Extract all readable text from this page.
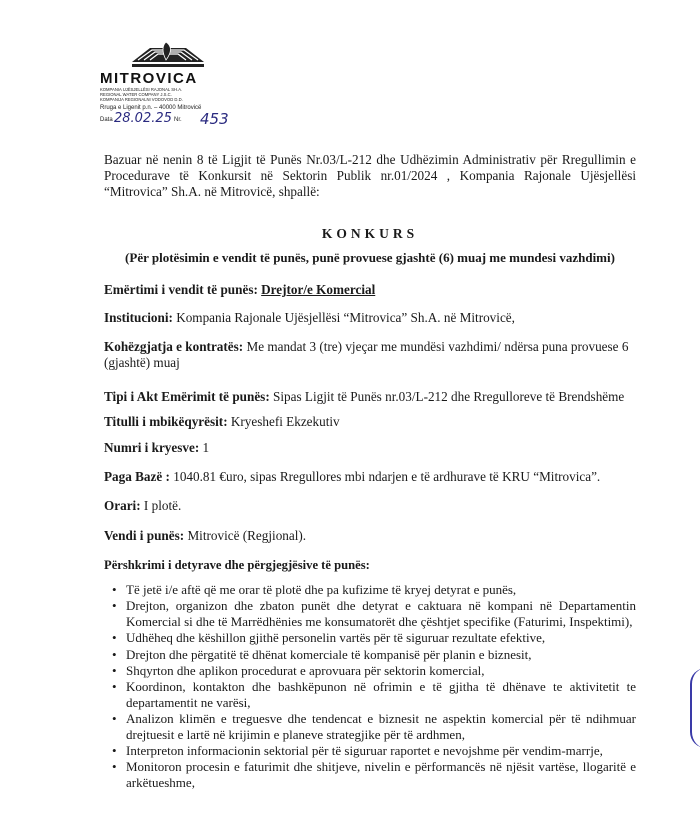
MITROVICA
KOMPANIA UJËSJELLËSI RAJONAL SH.A.
REGIONAL WATER COMPANY J.S.C.
KOMPANIJA REGIONALNI VODOVOD D.D.
Rruga e Ligenit p.n. – 40000 Mitrovicë
Data 28.02.25 Nr. 453
Bazuar në nenin 8 të Ligjit të Punës Nr.03/L-212 dhe Udhëzimin Administrativ për Rregullimin e Procedurave të Konkursit në Sektorin Publik nr.01/2024 , Kompania Rajonale Ujësjellësi “Mitrovica” Sh.A. në Mitrovicë, shpallë:
KONKURS
(Për plotësimin e vendit të punës, punë provuese gjashtë (6) muaj me mundesi vazhdimi)
Emërtimi i vendit të punës: Drejtor/e Komercial
Institucioni: Kompania Rajonale Ujësjellësi “Mitrovica” Sh.A. në Mitrovicë,
Kohëzgjatja e kontratës: Me mandat 3 (tre) vjeçar me mundësi vazhdimi/ ndërsa puna provuese 6 (gjashtë) muaj
Tipi i Akt Emërimit të punës: Sipas Ligjit të Punës nr.03/L-212 dhe Rregulloreve të Brendshëme
Titulli i mbikëqyrësit: Kryeshefi Ekzekutiv
Numri i kryesve: 1
Paga Bazë : 1040.81 €uro, sipas Rregullores mbi ndarjen e të ardhurave të KRU “Mitrovica”.
Orari: I plotë.
Vendi i punës: Mitrovicë (Regjional).
Përshkrimi i detyrave dhe përgjegjësive të punës:
• Të jetë i/e aftë që me orar të plotë dhe pa kufizime të kryej detyrat e punës,
• Drejton, organizon dhe zbaton punët dhe detyrat e caktuara në kompani në Departamentin Komercial si dhe të Marrëdhënies me konsumatorët dhe çështjet specifike (Faturimi, Inspektimi),
• Udhëheq dhe këshillon gjithë personelin vartës për të siguruar rezultate efektive,
• Drejton dhe përgatitë të dhënat komerciale të kompanisë për planin e biznesit,
• Shqyrton dhe aplikon procedurat e aprovuara për sektorin komercial,
• Koordinon, kontakton dhe bashkëpunon në ofrimin e të gjitha të dhënave te aktivitetit te departamentit ne varësi,
• Analizon klimën e treguesve dhe tendencat e biznesit ne aspektin komercial për të ndihmuar drejtuesit e lartë në krijimin e planeve strategjike për të ardhmen,
• Interpreton informacionin sektorial për të siguruar raportet e nevojshme për vendim-marrje,
• Monitoron procesin e faturimit dhe shitjeve, nivelin e përformancës në njësit vartëse, llogaritë e arkëtueshme,
